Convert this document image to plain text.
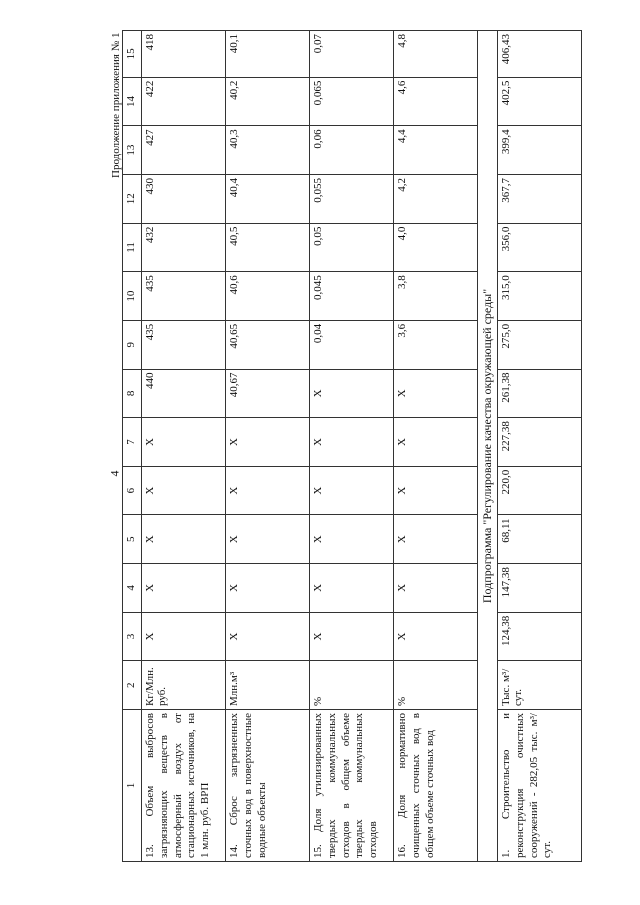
4
Продолжение приложения № 1
1	2	3	4	5	6	7	8	9	10	11	12	13	14	15
13. Объем выбросов загрязняющих веществ в атмосферный воздух от стационарных источников, на 1 млн. руб. ВРП	Кг/Млн. руб.	Х	Х	Х	Х	Х	440	435	435	432	430	427	422	418
14. Сброс загрязненных сточных вод в поверхностные водные объекты	Млн.м³	Х	Х	Х	Х	Х	40,67	40,65	40,6	40,5	40,4	40,3	40,2	40,1
15. Доля утилизированных твердых коммунальных отходов в общем объеме твердых коммунальных отходов	%	Х	Х	Х	Х	Х	Х	0,04	0,045	0,05	0,055	0,06	0,065	0,07
16. Доля нормативно очищенных сточных вод в общем объеме сточных вод	%	Х	Х	Х	Х	Х	Х	3,6	3,8	4,0	4,2	4,4	4,6	4,8
Подпрограмма "Регулирование качества окружающей среды"														
1. Строительство и реконструкция очистных сооружений - 282,05 тыс. м³/сут.	Тыс. м³/сут.	124,38	147,38	68,11	220,0	227,38	261,38	275,0	315,0	356,0	367,7	399,4	402,5	406,43
